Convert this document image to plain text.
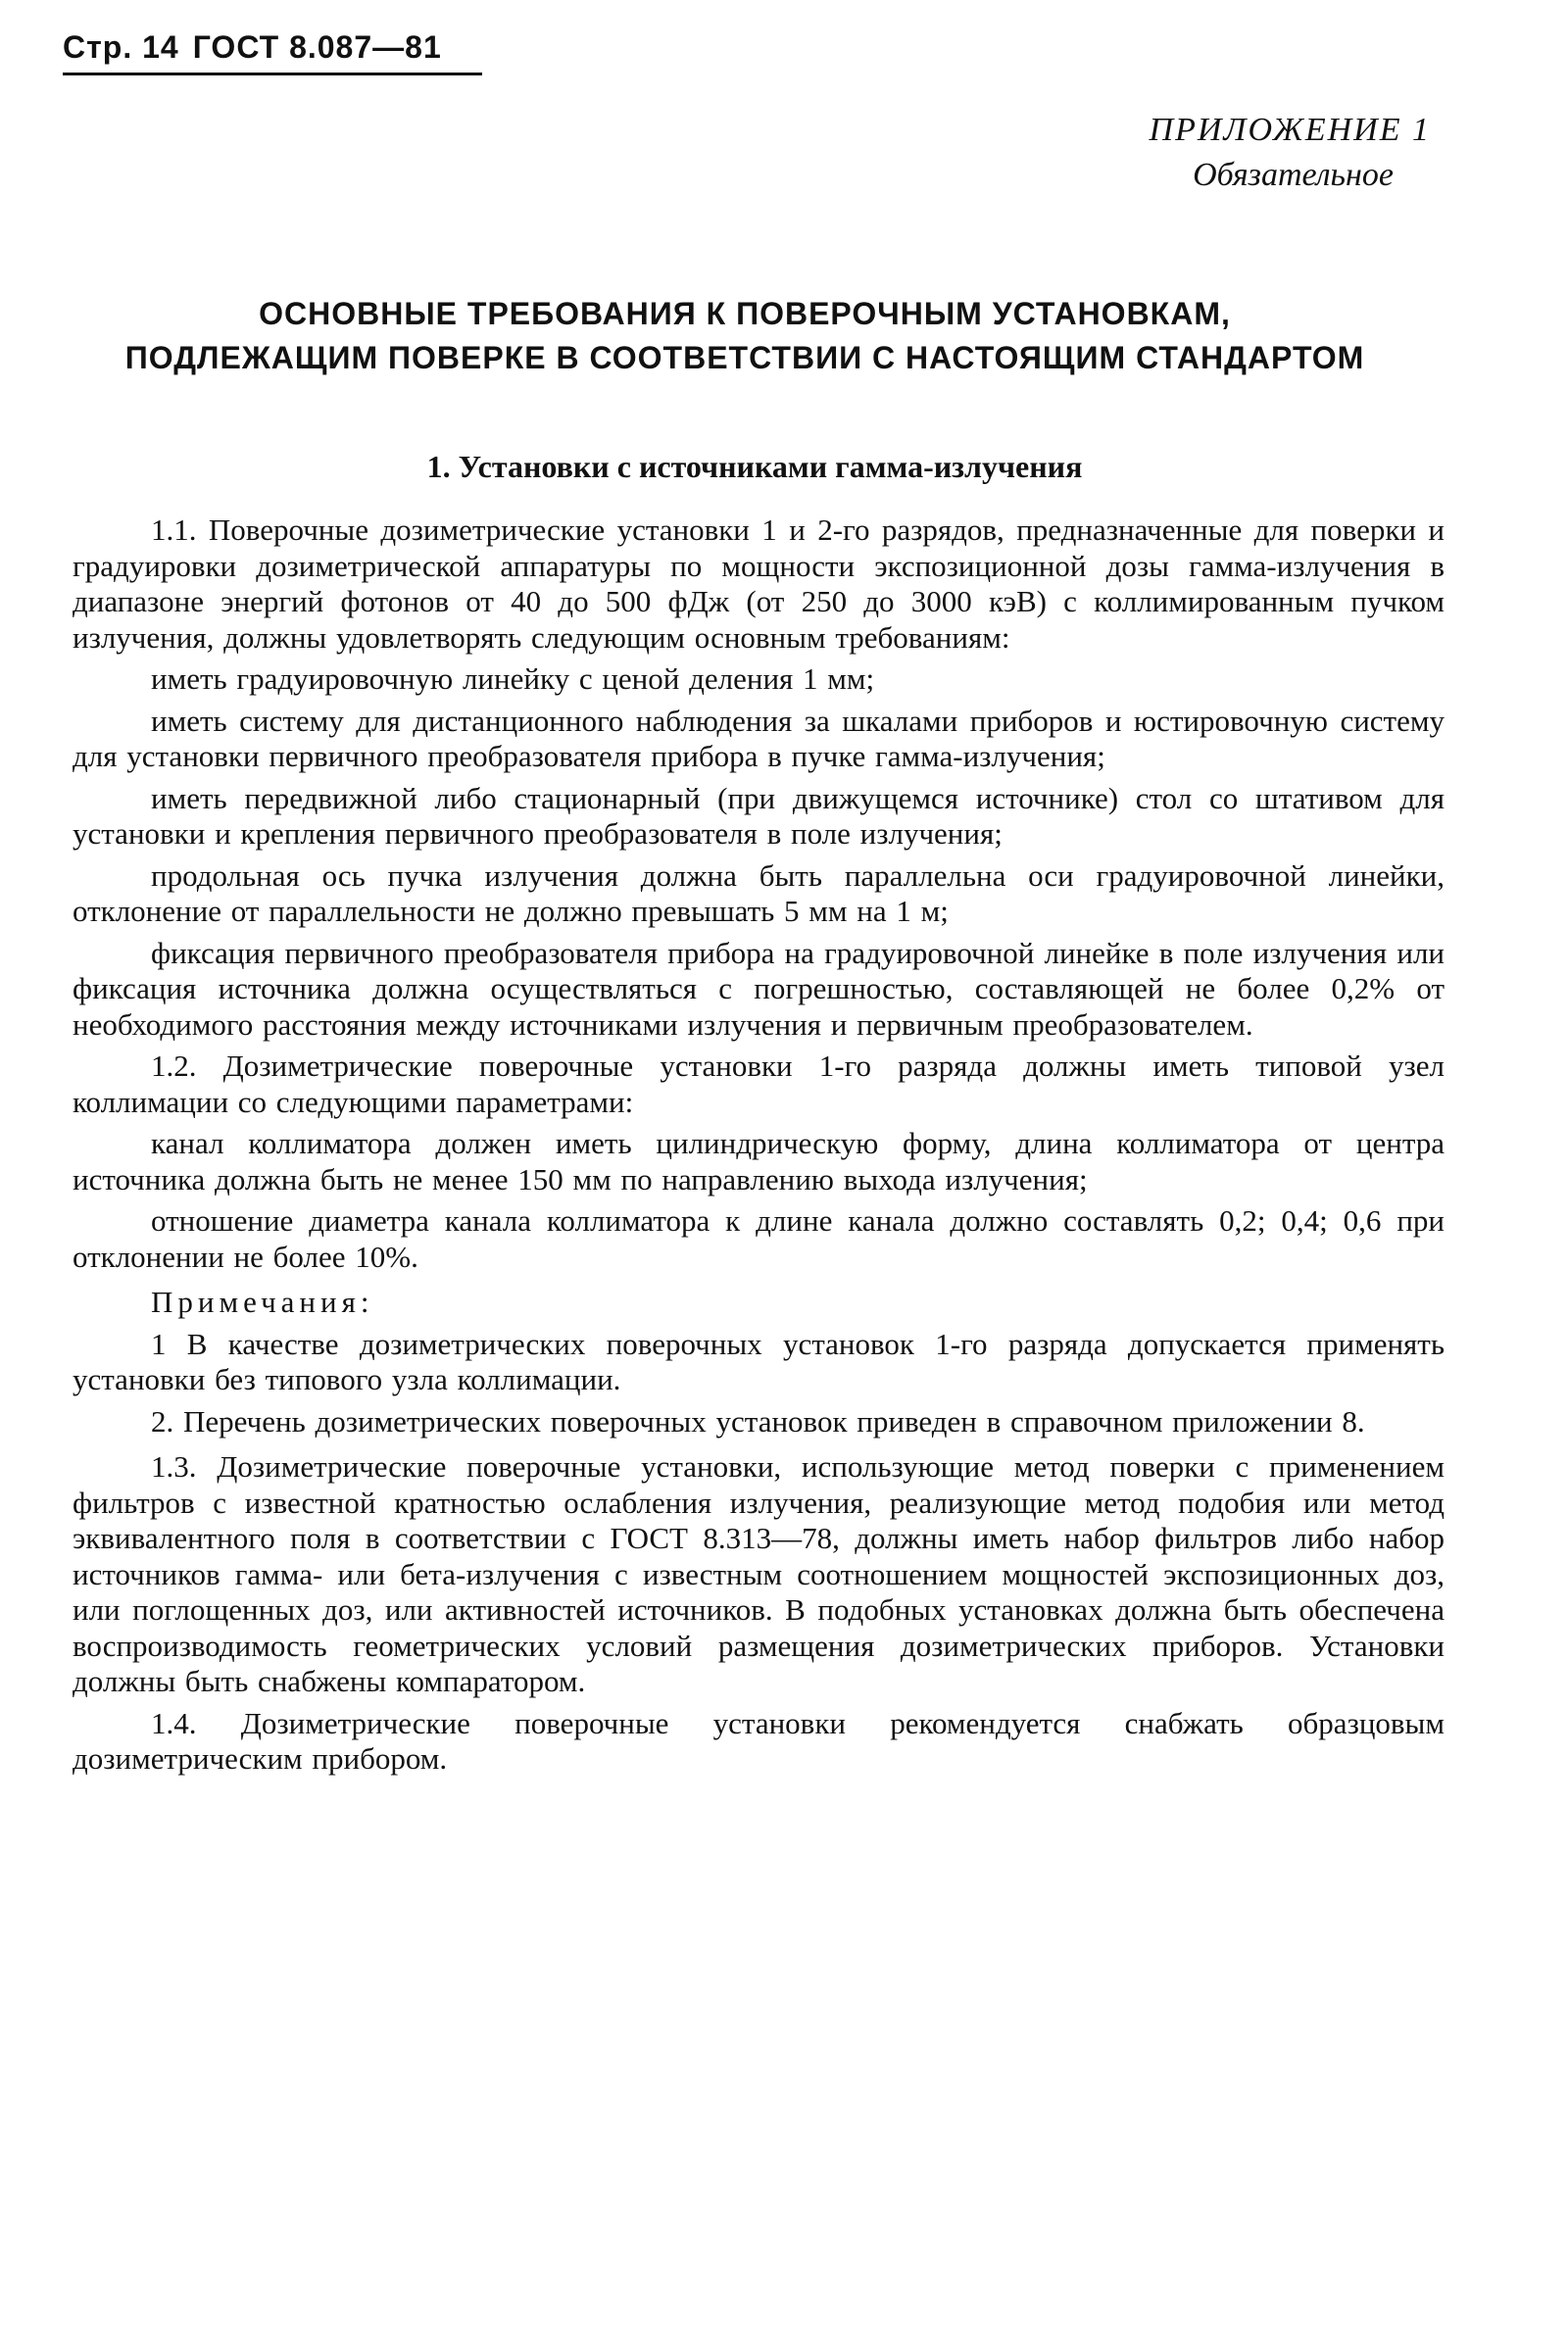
Стр. 14 ГОСТ 8.087—81
ПРИЛОЖЕНИЕ 1
Обязательное
ОСНОВНЫЕ ТРЕБОВАНИЯ К ПОВЕРОЧНЫМ УСТАНОВКАМ,
ПОДЛЕЖАЩИМ ПОВЕРКЕ В СООТВЕТСТВИИ С НАСТОЯЩИМ СТАНДАРТОМ
1. Установки с источниками гамма-излучения

1.1. Поверочные дозиметрические установки 1 и 2-го разрядов, предназначенные для поверки и градуировки дозиметрической аппаратуры по мощности экспозиционной дозы гамма-излучения в диапазоне энергий фотонов от 40 до 500 фДж (от 250 до 3000 кэВ) с коллимированным пучком излучения, должны удовлетворять следующим основным требованиям:

иметь градуировочную линейку с ценой деления 1 мм;

иметь систему для дистанционного наблюдения за шкалами приборов и юстировочную систему для установки первичного преобразователя прибора в пучке гамма-излучения;

иметь передвижной либо стационарный (при движущемся источнике) стол со штативом для установки и крепления первичного преобразователя в поле излучения;

продольная ось пучка излучения должна быть параллельна оси градуировочной линейки, отклонение от параллельности не должно превышать 5 мм на 1 м;

фиксация первичного преобразователя прибора на градуировочной линейке в поле излучения или фиксация источника должна осуществляться с погрешностью, составляющей не более 0,2% от необходимого расстояния между источниками излучения и первичным преобразователем.

1.2. Дозиметрические поверочные установки 1-го разряда должны иметь типовой узел коллимации со следующими параметрами:

канал коллиматора должен иметь цилиндрическую форму, длина коллиматора от центра источника должна быть не менее 150 мм по направлению выхода излучения;

отношение диаметра канала коллиматора к длине канала должно составлять 0,2; 0,4; 0,6 при отклонении не более 10%.

Примечания:

1 В качестве дозиметрических поверочных установок 1-го разряда допускается применять установки без типового узла коллимации.

2. Перечень дозиметрических поверочных установок приведен в справочном приложении 8.

1.3. Дозиметрические поверочные установки, использующие метод поверки с применением фильтров с известной кратностью ослабления излучения, реализующие метод подобия или метод эквивалентного поля в соответствии с ГОСТ 8.313—78, должны иметь набор фильтров либо набор источников гамма- или бета-излучения с известным соотношением мощностей экспозиционных доз, или поглощенных доз, или активностей источников. В подобных установках должна быть обеспечена воспроизводимость геометрических условий размещения дозиметрических приборов. Установки должны быть снабжены компаратором.

1.4. Дозиметрические поверочные установки рекомендуется снабжать образцовым дозиметрическим прибором.
